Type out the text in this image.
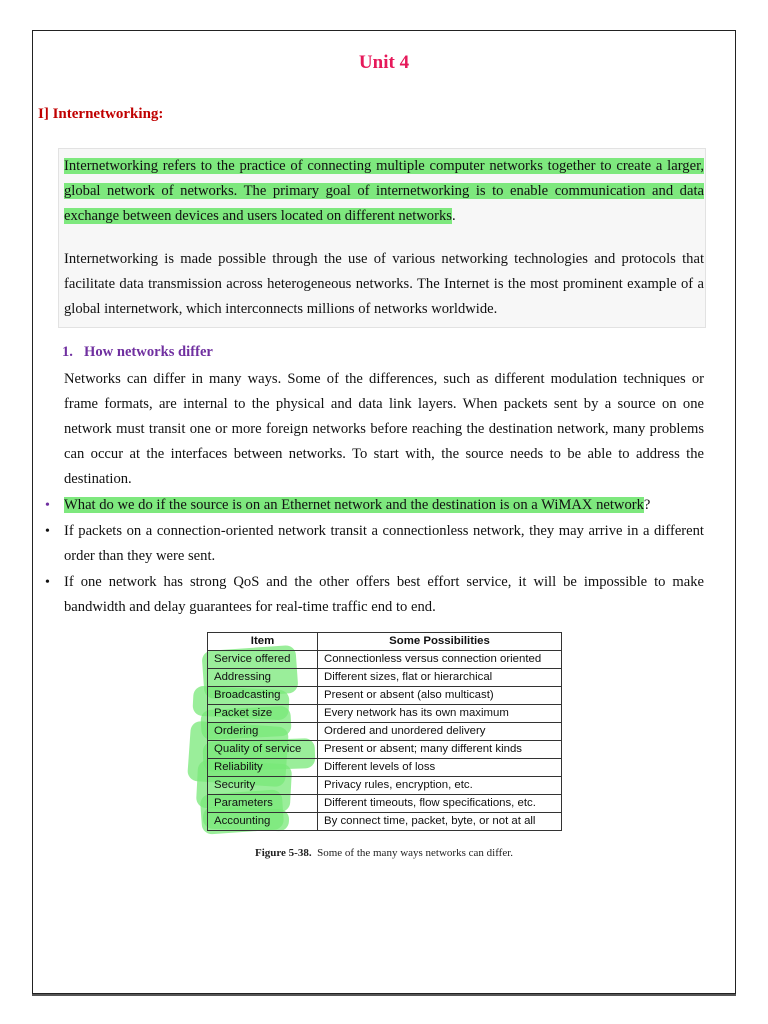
Unit 4
I] Internetworking:

Internetworking refers to the practice of connecting multiple computer networks together to create a larger, global network of networks. The primary goal of internetworking is to enable communication and data exchange between devices and users located on different networks.

Internetworking is made possible through the use of various networking technologies and protocols that facilitate data transmission across heterogeneous networks. The Internet is the most prominent example of a global internetwork, which interconnects millions of networks worldwide.

1. How networks differ

Networks can differ in many ways. Some of the differences, such as different modulation techniques or frame formats, are internal to the physical and data link layers. When packets sent by a source on one network must transit one or more foreign networks before reaching the destination network, many problems can occur at the interfaces between networks. To start with, the source needs to be able to address the destination.

• What do we do if the source is on an Ethernet network and the destination is on a WiMAX network?
• If packets on a connection-oriented network transit a connectionless network, they may arrive in a different order than they were sent.
• If one network has strong QoS and the other offers best effort service, it will be impossible to make bandwidth and delay guarantees for real-time traffic end to end.
Item	Some Possibilities
Service offered	Connectionless versus connection oriented
Addressing	Different sizes, flat or hierarchical
Broadcasting	Present or absent (also multicast)
Packet size	Every network has its own maximum
Ordering	Ordered and unordered delivery
Quality of service	Present or absent; many different kinds
Reliability	Different levels of loss
Security	Privacy rules, encryption, etc.
Parameters	Different timeouts, flow specifications, etc.
Accounting	By connect time, packet, byte, or not at all
Figure 5-38. Some of the many ways networks can differ.
